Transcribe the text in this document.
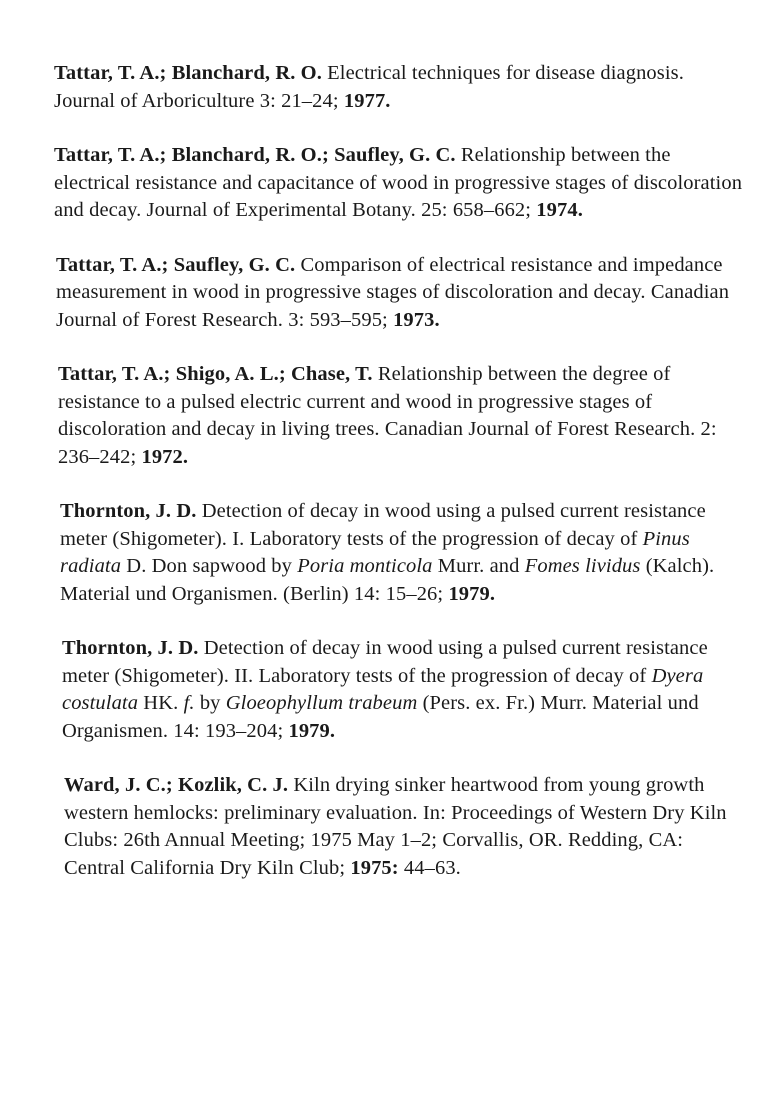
Tattar, T. A.; Blanchard, R. O. Electrical techniques for disease diagnosis. Journal of Arboriculture 3: 21–24; 1977.

Tattar, T. A.; Blanchard, R. O.; Saufley, G. C. Relationship between the electrical resistance and capacitance of wood in progressive stages of discoloration and decay. Journal of Experimental Botany. 25: 658–662; 1974.

Tattar, T. A.; Saufley, G. C. Comparison of electrical resistance and impedance measurement in wood in progressive stages of discoloration and decay. Canadian Journal of Forest Research. 3: 593–595; 1973.

Tattar, T. A.; Shigo, A. L.; Chase, T. Relationship between the degree of resistance to a pulsed electric current and wood in progressive stages of discoloration and decay in living trees. Canadian Journal of Forest Research. 2: 236–242; 1972.

Thornton, J. D. Detection of decay in wood using a pulsed current resistance meter (Shigometer). I. Laboratory tests of the progression of decay of Pinus radiata D. Don sapwood by Poria monticola Murr. and Fomes lividus (Kalch). Material und Organismen. (Berlin) 14: 15–26; 1979.

Thornton, J. D. Detection of decay in wood using a pulsed current resistance meter (Shigometer). II. Laboratory tests of the progression of decay of Dyera costulata HK. f. by Gloeophyllum trabeum (Pers. ex. Fr.) Murr. Material und Organismen. 14: 193–204; 1979.

Ward, J. C.; Kozlik, C. J. Kiln drying sinker heartwood from young growth western hemlocks: preliminary evaluation. In: Proceedings of Western Dry Kiln Clubs: 26th Annual Meeting; 1975 May 1–2; Corvallis, OR. Redding, CA: Central California Dry Kiln Club; 1975: 44–63.
